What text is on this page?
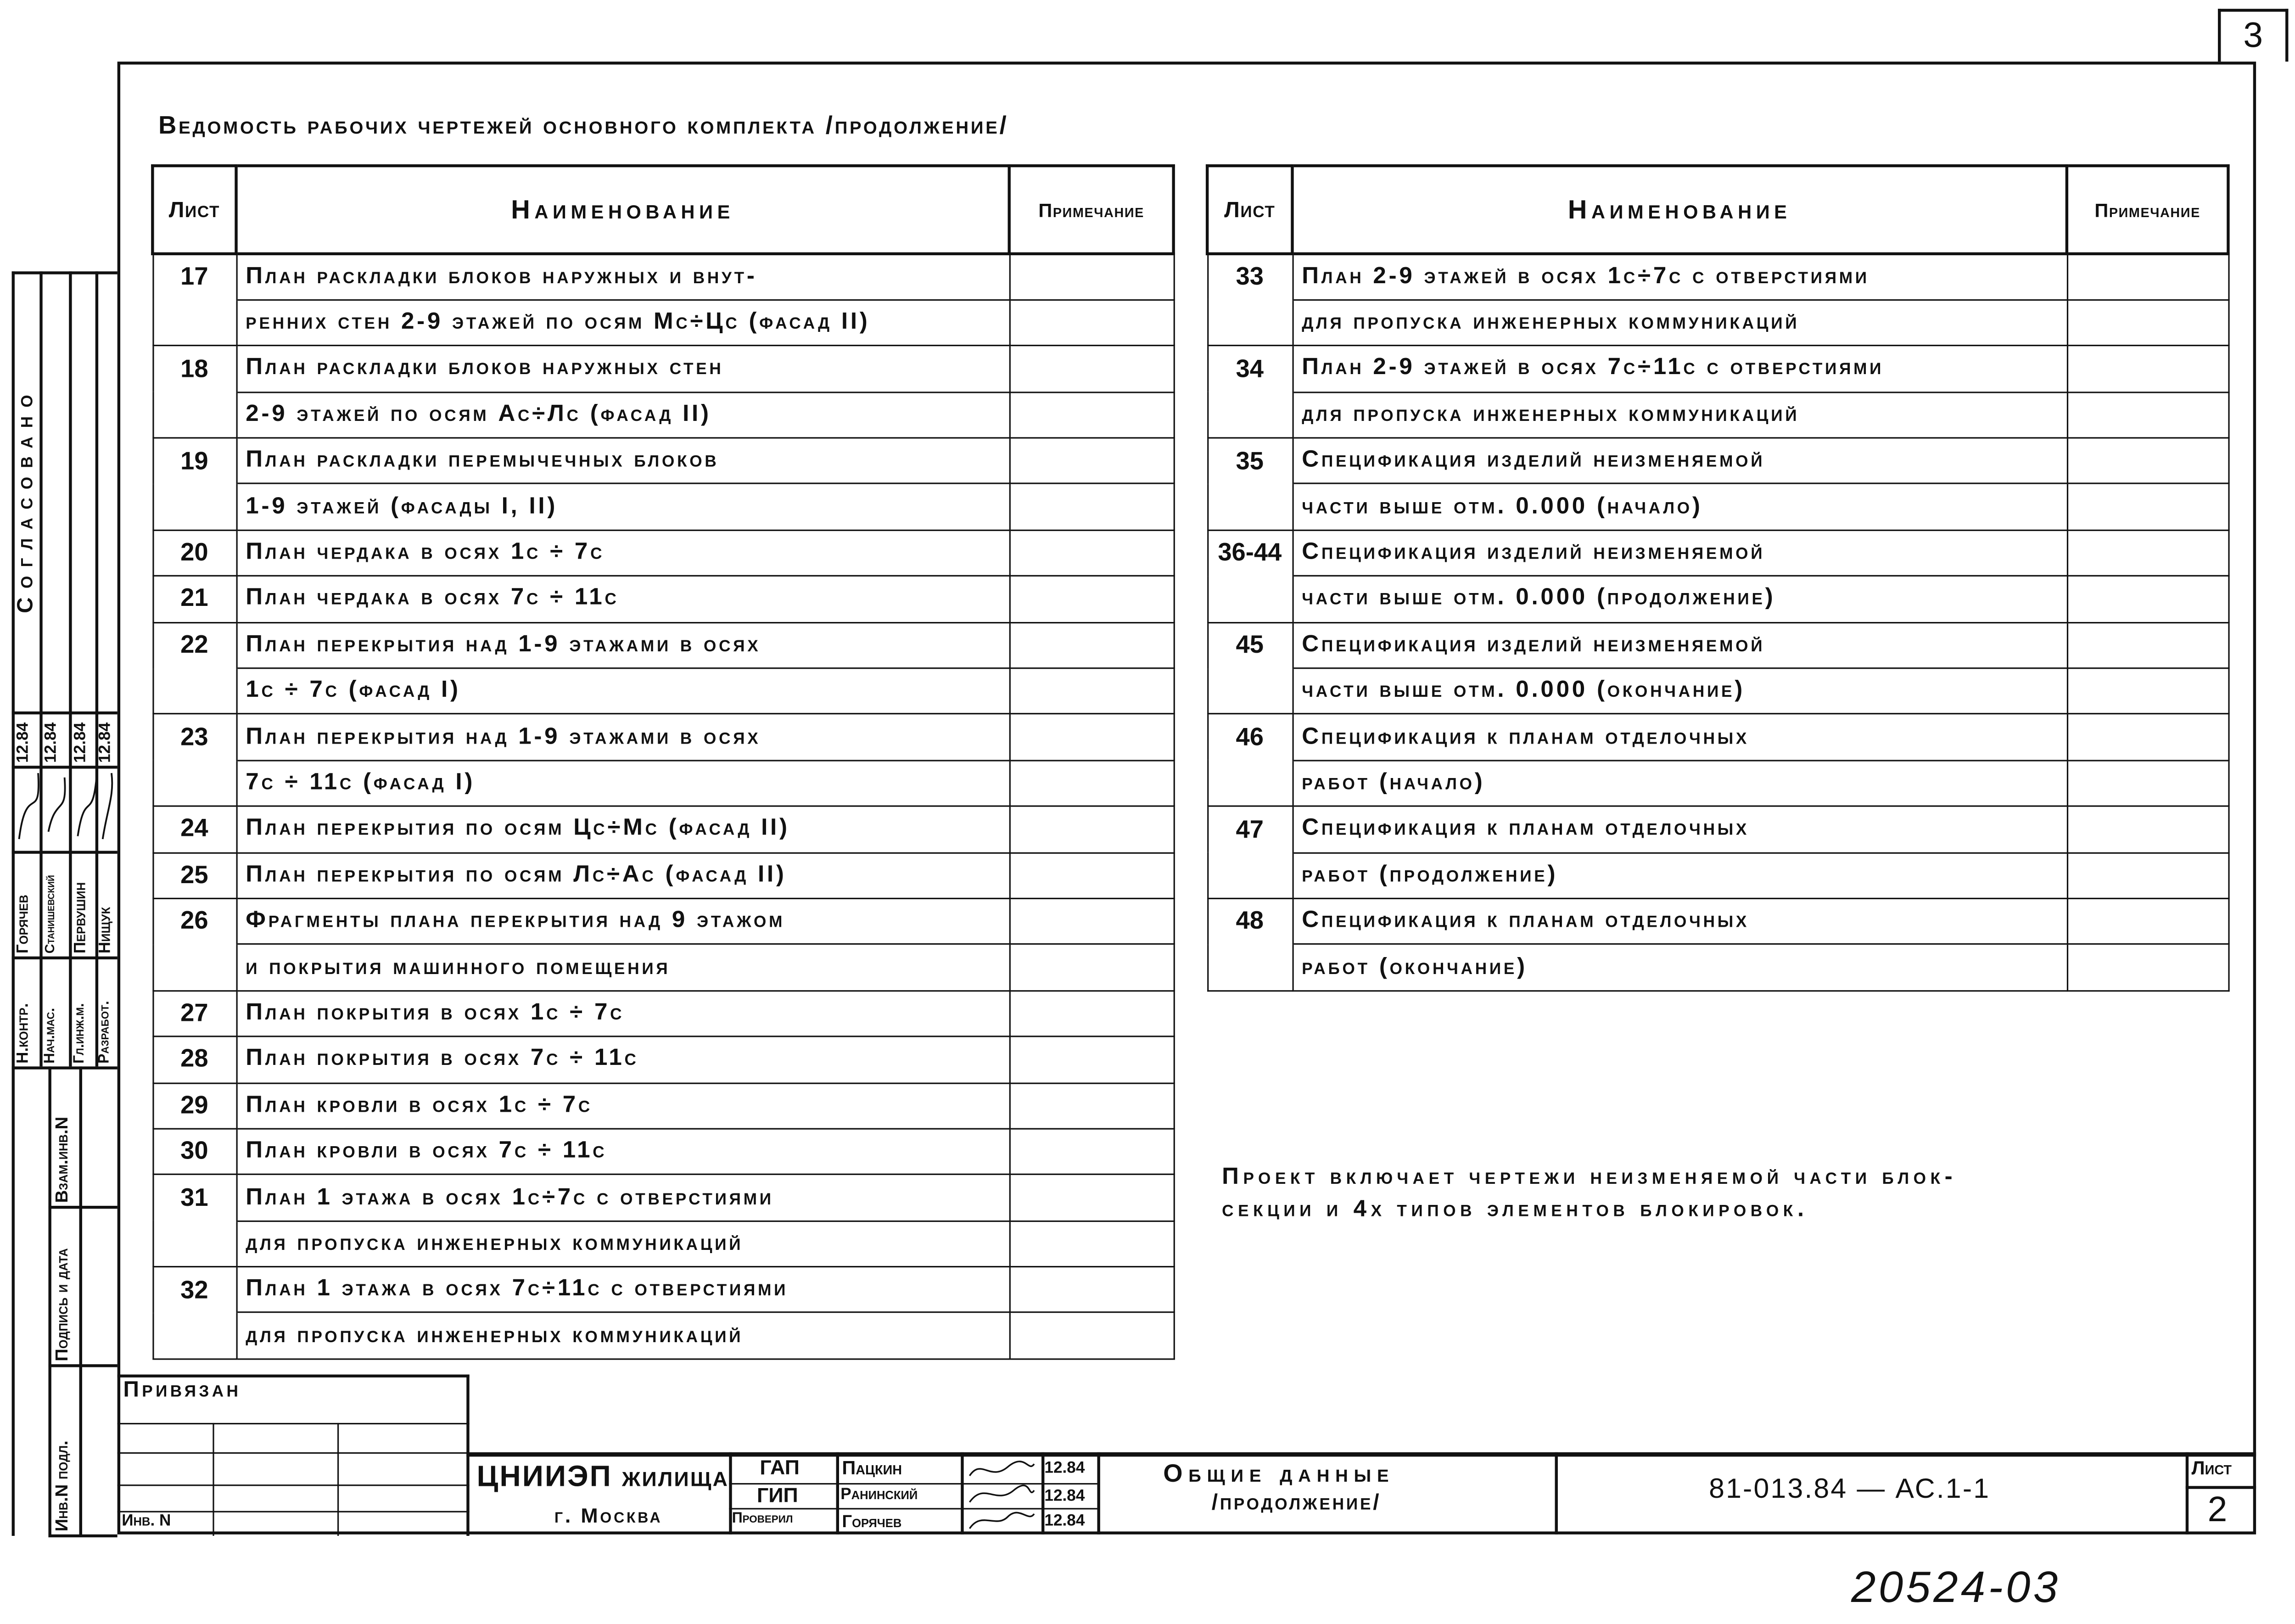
3
Ведомость рабочих чертежей основного комплекта /продолжение/
Лист	Наименование	Примечание
17	План раскладки блоков наружных и внут-	
	ренних стен 2-9 этажей по осям Мс÷Цс (фасад II)	
18	План раскладки блоков наружных стен	
	2-9 этажей по осям Ас÷Лс (фасад II)	
19	План раскладки перемычечных блоков	
	1-9 этажей (фасады I, II)	
20	План чердака в осях 1с ÷ 7с	
21	План чердака в осях 7с ÷ 11с	
22	План перекрытия над 1-9 этажами в осях	
	1с ÷ 7с (фасад I)	
23	План перекрытия над 1-9 этажами в осях	
	7с ÷ 11с (фасад I)	
24	План перекрытия по осям Цс÷Мс (фасад II)	
25	План перекрытия по осям Лс÷Ас (фасад II)	
26	Фрагменты плана перекрытия над 9 этажом	
	и покрытия машинного помещения	
27	План покрытия в осях 1с ÷ 7с	
28	План покрытия в осях 7с ÷ 11с	
29	План кровли в осях 1с ÷ 7с	
30	План кровли в осях 7с ÷ 11с	
31	План 1 этажа в осях 1с÷7с с отверстиями	
	для пропуска инженерных коммуникаций	
32	План 1 этажа в осях 7с÷11с с отверстиями	
	для пропуска инженерных коммуникаций	
Лист	Наименование	Примечание
33	План 2-9 этажей в осях 1с÷7с с отверстиями	
	для пропуска инженерных коммуникаций	
34	План 2-9 этажей в осях 7с÷11с с отверстиями	
	для пропуска инженерных коммуникаций	
35	Спецификация изделий неизменяемой	
	части выше отм. 0.000 (начало)	
36-44	Спецификация изделий неизменяемой	
	части выше отм. 0.000 (продолжение)	
45	Спецификация изделий неизменяемой	
	части выше отм. 0.000 (окончание)	
46	Спецификация к планам отделочных	
	работ (начало)	
47	Спецификация к планам отделочных	
	работ (продолжение)	
48	Спецификация к планам отделочных	
	работ (окончание)	
Проект включает чертежи неизменяемой части блок-
секции и 4х типов элементов блокировок.
Согласовано
Н.контр.
Горячев
12.84
Нач.мас.
Станишевский
12.84
Гл.инж.м.
Первушин
12.84
Разработ.
Нищук
12.84
Взам.инв.N
Подпись и дата
Инв.N подл.
Привязан
Инв. N
ЦНИИЭП жилища
г. Москва
ГАП	Пацкин	12.84
ГИП	Ранинский	12.84
Проверил	Горячев	12.84
Общие данные
/продолжение/	81-013.84 — АС.1-1
Лист
2
20524-03
